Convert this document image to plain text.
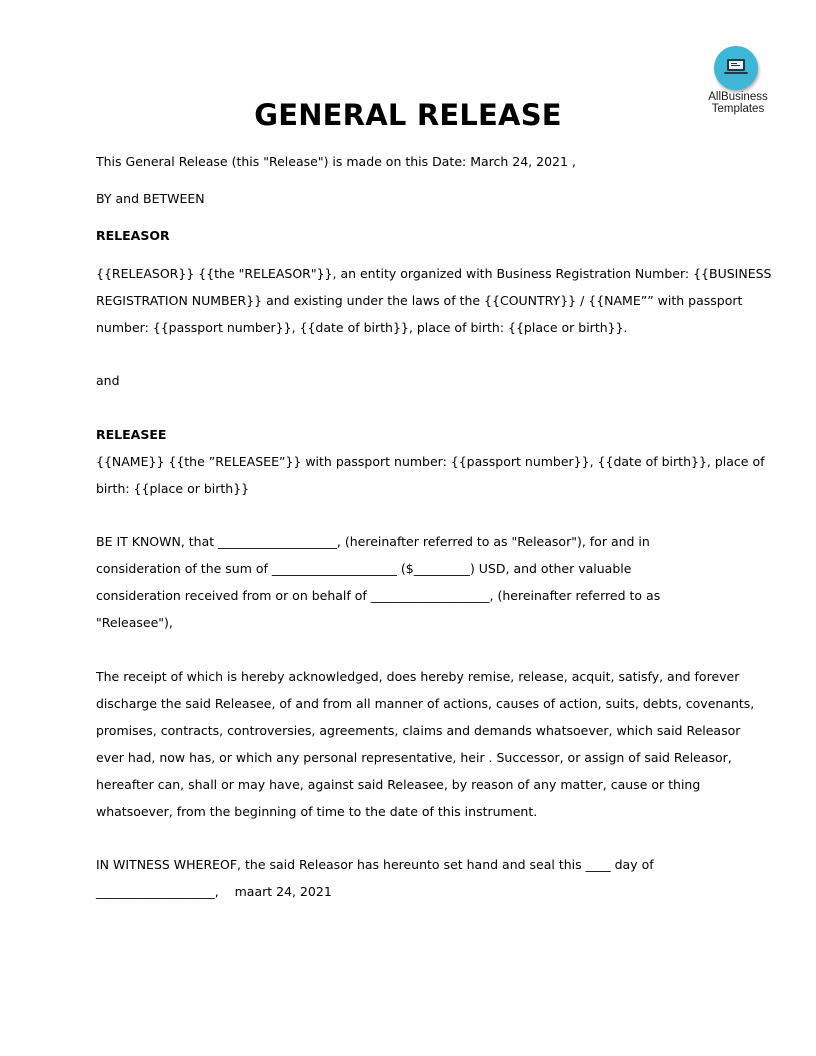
AllBusiness
Templates
GENERAL RELEASE
This General Release (this "Release") is made on this Date: March 24, 2021 ,
BY and BETWEEN
RELEASOR
{{RELEASOR}} {{the "RELEASOR"}}, an entity organized with Business Registration Number: {{BUSINESS
REGISTRATION NUMBER}} and existing under the laws of the {{COUNTRY}} / {{NAME”” with passport
number: {{passport number}}, {{date of birth}}, place of birth: {{place or birth}}.
and
RELEASEE
{{NAME}} {{the ”RELEASEE”}} with passport number: {{passport number}}, {{date of birth}}, place of
birth: {{place or birth}}
BE IT KNOWN, that ___________________, (hereinafter referred to as "Releasor"), for and in
consideration of the sum of ____________________ ($_________) USD, and other valuable
consideration received from or on behalf of ___________________, (hereinafter referred to as
"Releasee"),
The receipt of which is hereby acknowledged, does hereby remise, release, acquit, satisfy, and forever
discharge the said Releasee, of and from all manner of actions, causes of action, suits, debts, covenants,
promises, contracts, controversies, agreements, claims and demands whatsoever, which said Releasor
ever had, now has, or which any personal representative, heir . Successor, or assign of said Releasor,
hereafter can, shall or may have, against said Releasee, by reason of any matter, cause or thing
whatsoever, from the beginning of time to the date of this instrument.
IN WITNESS WHEREOF, the said Releasor has hereunto set hand and seal this ____ day of
___________________,    maart 24, 2021
